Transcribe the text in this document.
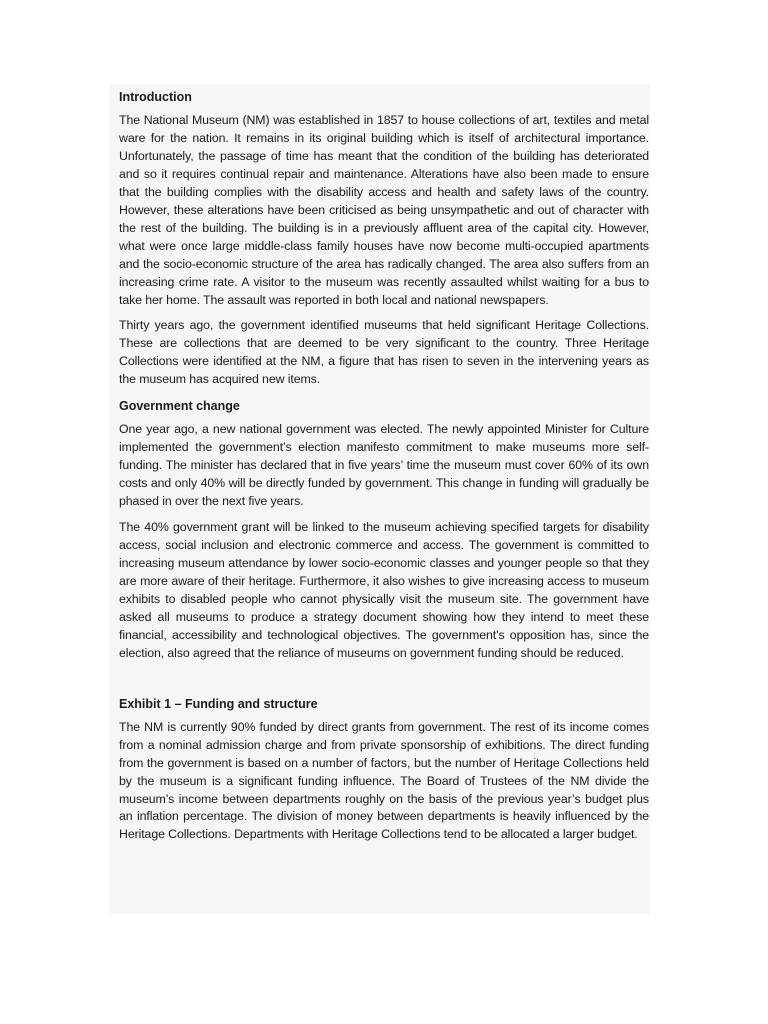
Introduction

The National Museum (NM) was established in 1857 to house collections of art, textiles and metal ware for the nation. It remains in its original building which is itself of architectural importance. Unfortunately, the passage of time has meant that the condition of the building has deteriorated and so it requires continual repair and maintenance. Alterations have also been made to ensure that the building complies with the disability access and health and safety laws of the country. However, these alterations have been criticised as being unsympathetic and out of character with the rest of the building. The building is in a previously affluent area of the capital city. However, what were once large middle-class family houses have now become multi-occupied apartments and the socio-economic structure of the area has radically changed. The area also suffers from an increasing crime rate. A visitor to the museum was recently assaulted whilst waiting for a bus to take her home. The assault was reported in both local and national newspapers.

Thirty years ago, the government identified museums that held significant Heritage Collections. These are collections that are deemed to be very significant to the country. Three Heritage Collections were identified at the NM, a figure that has risen to seven in the intervening years as the museum has acquired new items.

Government change

One year ago, a new national government was elected. The newly appointed Minister for Culture implemented the government’s election manifesto commitment to make museums more self-funding. The minister has declared that in five years’ time the museum must cover 60% of its own costs and only 40% will be directly funded by government. This change in funding will gradually be phased in over the next five years.

The 40% government grant will be linked to the museum achieving specified targets for disability access, social inclusion and electronic commerce and access. The government is committed to increasing museum attendance by lower socio-economic classes and younger people so that they are more aware of their heritage. Furthermore, it also wishes to give increasing access to museum exhibits to disabled people who cannot physically visit the museum site. The government have asked all museums to produce a strategy document showing how they intend to meet these financial, accessibility and technological objectives. The government’s opposition has, since the election, also agreed that the reliance of museums on government funding should be reduced.

Exhibit 1 – Funding and structure

The NM is currently 90% funded by direct grants from government. The rest of its income comes from a nominal admission charge and from private sponsorship of exhibitions. The direct funding from the government is based on a number of factors, but the number of Heritage Collections held by the museum is a significant funding influence. The Board of Trustees of the NM divide the museum’s income between departments roughly on the basis of the previous year’s budget plus an inflation percentage. The division of money between departments is heavily influenced by the Heritage Collections. Departments with Heritage Collections tend to be allocated a larger budget.
